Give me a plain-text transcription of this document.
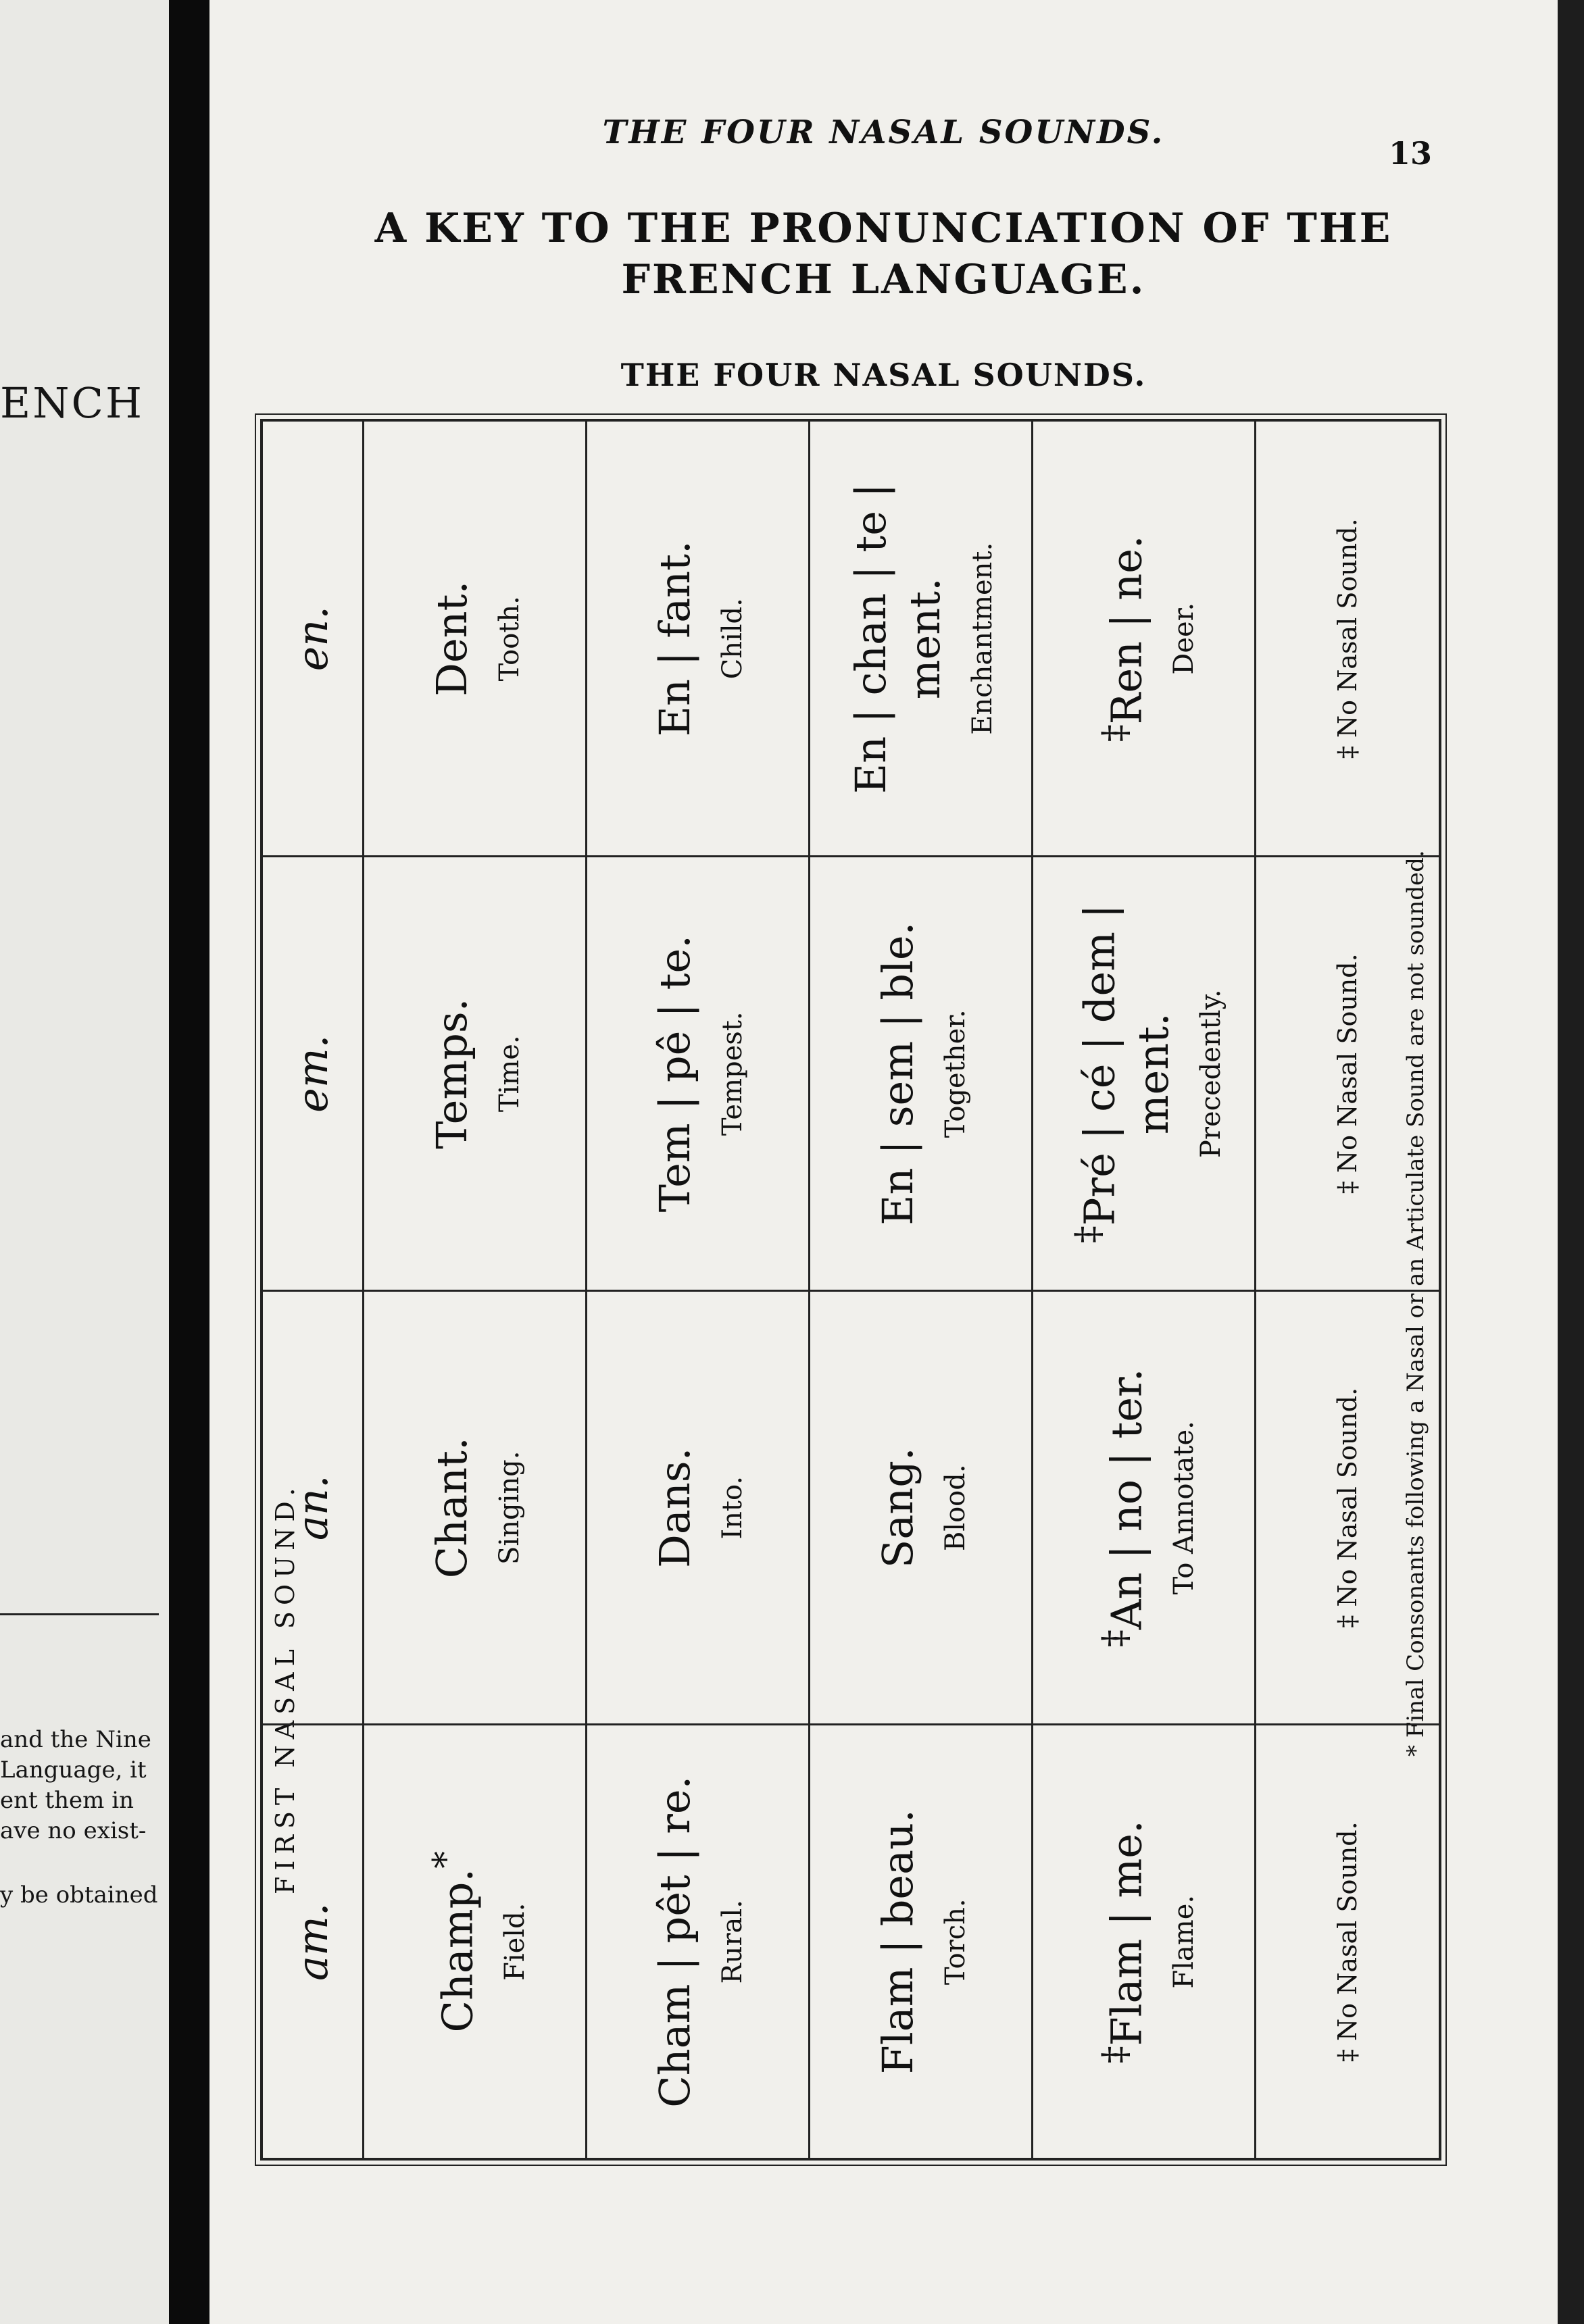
ENCH
and the Nine
Language, it
ent them in
ave no exist-
y be obtained
THE FOUR NASAL SOUNDS.
13
A KEY TO THE PRONUNCIATION OF THE FRENCH LANGUAGE.
THE FOUR NASAL SOUNDS.
FIRST NASAL SOUND.
am.
an.
em.
en.
Champ.*
Field.
Chant. Singing.
Temps. Time.
Dent. Tooth.
Cham | pêt | re. Rural.
Dans. Into.
Tem | pê | te. Tempest.
En | fant. Child.
Flam | beau. Torch.
Sang. Blood.
En | sem | ble. Together.
En | chan | te | ment. Enchantment.
‡Flam | me. Flame.
‡An | no | ter. To Annotate.
‡Pré | cé | dem | ment. Precedently.
‡Ren | ne. Deer.
‡ No Nasal Sound.
‡ No Nasal Sound.
‡ No Nasal Sound.
‡ No Nasal Sound.
* Final Consonants following a Nasal or an Articulate Sound are not sounded.
